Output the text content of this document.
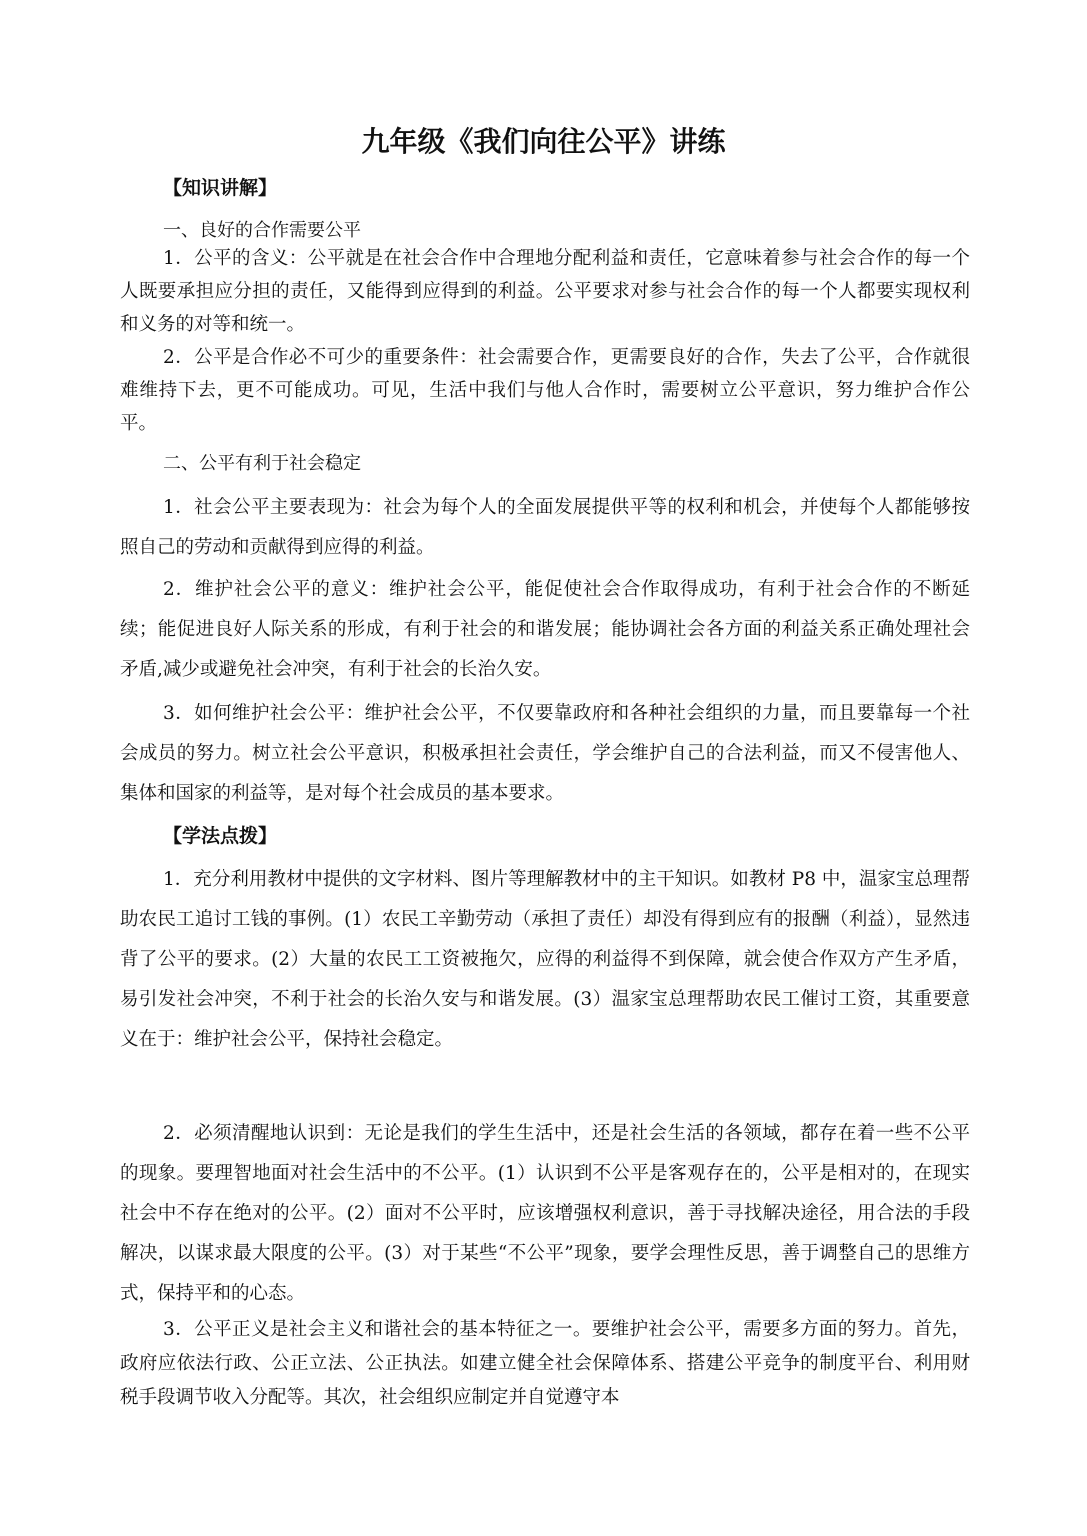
九年级《我们向往公平》讲练
【知识讲解】
一、良好的合作需要公平

1．公平的含义：公平就是在社会合作中合理地分配利益和责任，它意味着参与社会合作的每一个人既要承担应分担的责任，又能得到应得到的利益。公平要求对参与社会合作的每一个人都要实现权利和义务的对等和统一。

2．公平是合作必不可少的重要条件：社会需要合作，更需要良好的合作，失去了公平，合作就很难维持下去，更不可能成功。可见，生活中我们与他人合作时，需要树立公平意识，努力维护合作公平。

二、公平有利于社会稳定

1．社会公平主要表现为：社会为每个人的全面发展提供平等的权利和机会，并使每个人都能够按照自己的劳动和贡献得到应得的利益。

2．维护社会公平的意义：维护社会公平，能促使社会合作取得成功，有利于社会合作的不断延续；能促进良好人际关系的形成，有利于社会的和谐发展；能协调社会各方面的利益关系正确处理社会矛盾,减少或避免社会冲突，有利于社会的长治久安。

3．如何维护社会公平：维护社会公平，不仅要靠政府和各种社会组织的力量，而且要靠每一个社会成员的努力。树立社会公平意识，积极承担社会责任，学会维护自己的合法利益，而又不侵害他人、集体和国家的利益等，是对每个社会成员的基本要求。

【学法点拨】

1．充分利用教材中提供的文字材料、图片等理解教材中的主干知识。如教材 P8 中，温家宝总理帮助农民工追讨工钱的事例。(1）农民工辛勤劳动（承担了责任）却没有得到应有的报酬（利益），显然违背了公平的要求。(2）大量的农民工工资被拖欠，应得的利益得不到保障，就会使合作双方产生矛盾，易引发社会冲突，不利于社会的长治久安与和谐发展。(3）温家宝总理帮助农民工催讨工资，其重要意义在于：维护社会公平，保持社会稳定。

2．必须清醒地认识到：无论是我们的学生生活中，还是社会生活的各领域，都存在着一些不公平的现象。要理智地面对社会生活中的不公平。(1）认识到不公平是客观存在的，公平是相对的，在现实社会中不存在绝对的公平。(2）面对不公平时，应该增强权利意识，善于寻找解决途径，用合法的手段解决，以谋求最大限度的公平。(3）对于某些“不公平”现象，要学会理性反思，善于调整自己的思维方式，保持平和的心态。

3．公平正义是社会主义和谐社会的基本特征之一。要维护社会公平，需要多方面的努力。首先，政府应依法行政、公正立法、公正执法。如建立健全社会保障体系、搭建公平竞争的制度平台、利用财税手段调节收入分配等。其次，社会组织应制定并自觉遵守本
